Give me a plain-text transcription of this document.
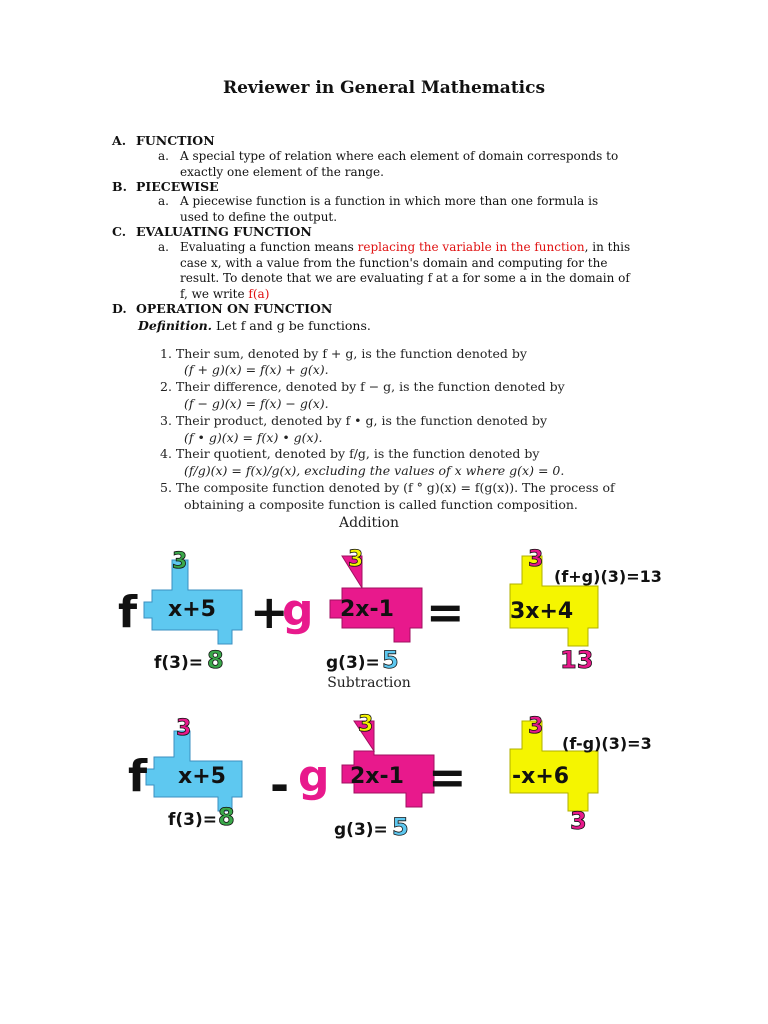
Reviewer in General Mathematics
A. FUNCTION
a. A special type of relation where each element of domain corresponds to
exactly one element of the range.
B. PIECEWISE
a. A piecewise function is a function in which more than one formula is
used to define the output.
C. EVALUATING FUNCTION
a. Evaluating a function means replacing the variable in the function, in this
case x, with a value from the function's domain and computing for the
result. To denote that we are evaluating f at a for some a in the domain of
f, we write f(a)
D. OPERATION ON FUNCTION
Definition. Let f and g be functions.
1. Their sum, denoted by f + g, is the function denoted by
(f + g)(x) = f(x) + g(x).
2. Their difference, denoted by f − g, is the function denoted by
(f − g)(x) = f(x) − g(x).
3. Their product, denoted by f • g, is the function denoted by
(f • g)(x) = f(x) • g(x).
4. Their quotient, denoted by f/g, is the function denoted by
(f/g)(x) = f(x)/g(x), excluding the values of x where g(x) = 0.
5. The composite function denoted by (f ° g)(x) = f(g(x)). The process of
obtaining a composite function is called function composition.
Addition
f
3
x+5
f(3)= 8
+
g
3
2x-1
g(3)= 5
=
3
3x+4
(f+g)(3)=13
13
Subtraction
f
3
x+5
f(3)= 8
- g
3
2x-1
g(3)= 5
=
3
-x+6
(f-g)(3)=3
3
